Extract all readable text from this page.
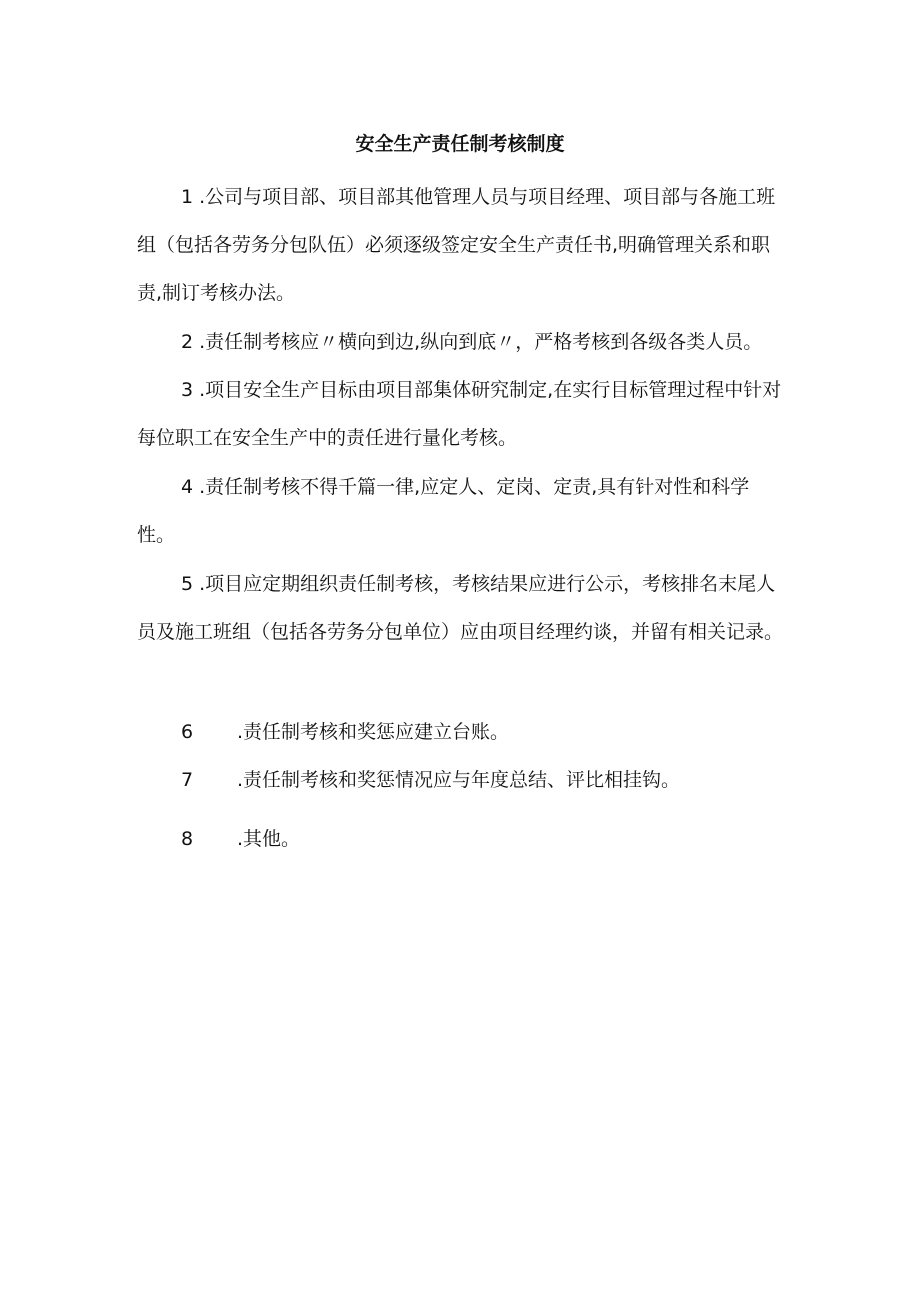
安全生产责任制考核制度
1 .公司与项目部、项目部其他管理人员与项目经理、项目部与各施工班组（包括各劳务分包队伍）必须逐级签定安全生产责任书,明确管理关系和职责,制订考核办法。
2 .责任制考核应〃横向到边,纵向到底〃，严格考核到各级各类人员。
3 .项目安全生产目标由项目部集体研究制定,在实行目标管理过程中针对每位职工在安全生产中的责任进行量化考核。
4 .责任制考核不得千篇一律,应定人、定岗、定责,具有针对性和科学性。
5 .项目应定期组织责任制考核，考核结果应进行公示，考核排名末尾人员及施工班组（包括各劳务分包单位）应由项目经理约谈，并留有相关记录。
6 .责任制考核和奖惩应建立台账。
7 .责任制考核和奖惩情况应与年度总结、评比相挂钩。
8 .其他。
